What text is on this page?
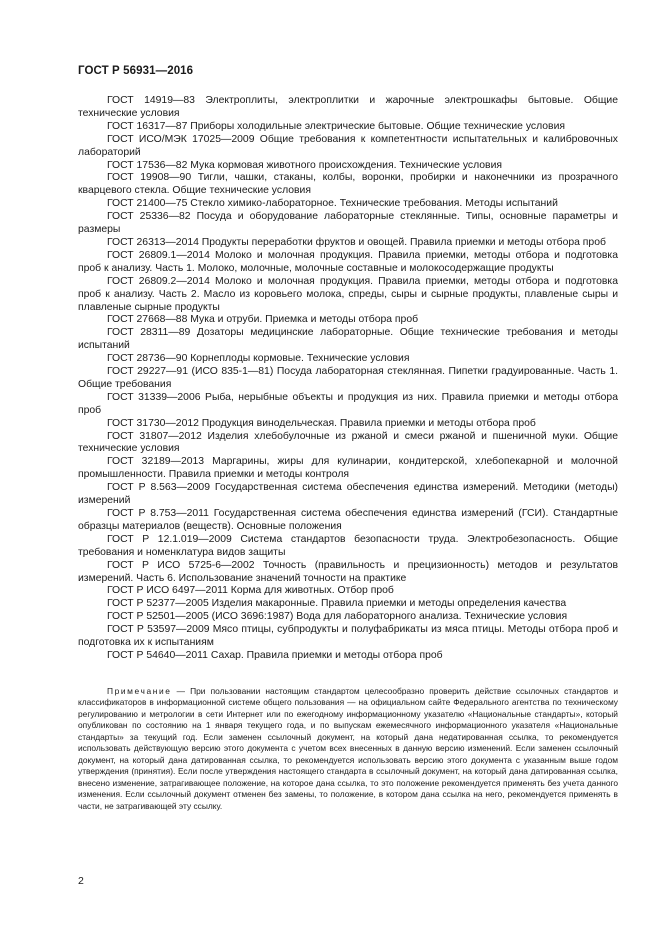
ГОСТ Р 56931—2016

ГОСТ 14919—83 Электроплиты, электроплитки и жарочные электрошкафы бытовые. Общие технические условия

ГОСТ 16317—87 Приборы холодильные электрические бытовые. Общие технические условия

ГОСТ ИСО/МЭК 17025—2009 Общие требования к компетентности испытательных и калибровочных лабораторий

ГОСТ 17536—82 Мука кормовая животного происхождения. Технические условия

ГОСТ 19908—90 Тигли, чашки, стаканы, колбы, воронки, пробирки и наконечники из прозрачного кварцевого стекла. Общие технические условия

ГОСТ 21400—75 Стекло химико-лабораторное. Технические требования. Методы испытаний

ГОСТ 25336—82 Посуда и оборудование лабораторные стеклянные. Типы, основные параметры и размеры

ГОСТ 26313—2014 Продукты переработки фруктов и овощей. Правила приемки и методы отбора проб

ГОСТ 26809.1—2014 Молоко и молочная продукция. Правила приемки, методы отбора и подготовка проб к анализу. Часть 1. Молоко, молочные, молочные составные и молокосодержащие продукты

ГОСТ 26809.2—2014 Молоко и молочная продукция. Правила приемки, методы отбора и подготовка проб к анализу. Часть 2. Масло из коровьего молока, спреды, сыры и сырные продукты, плавленые сыры и плавленые сырные продукты

ГОСТ 27668—88 Мука и отруби. Приемка и методы отбора проб

ГОСТ 28311—89 Дозаторы медицинские лабораторные. Общие технические требования и методы испытаний

ГОСТ 28736—90 Корнеплоды кормовые. Технические условия

ГОСТ 29227—91 (ИСО 835-1—81) Посуда лабораторная стеклянная. Пипетки градуированные. Часть 1. Общие требования

ГОСТ 31339—2006 Рыба, нерыбные объекты и продукция из них. Правила приемки и методы отбора проб

ГОСТ 31730—2012 Продукция винодельческая. Правила приемки и методы отбора проб

ГОСТ 31807—2012 Изделия хлебобулочные из ржаной и смеси ржаной и пшеничной муки. Общие технические условия

ГОСТ 32189—2013 Маргарины, жиры для кулинарии, кондитерской, хлебопекарной и молочной промышленности. Правила приемки и методы контроля

ГОСТ Р 8.563—2009 Государственная система обеспечения единства измерений. Методики (методы) измерений

ГОСТ Р 8.753—2011 Государственная система обеспечения единства измерений (ГСИ). Стандартные образцы материалов (веществ). Основные положения

ГОСТ Р 12.1.019—2009 Система стандартов безопасности труда. Электробезопасность. Общие требования и номенклатура видов защиты

ГОСТ Р ИСО 5725-6—2002 Точность (правильность и прецизионность) методов и результатов измерений. Часть 6. Использование значений точности на практике

ГОСТ Р ИСО 6497—2011 Корма для животных. Отбор проб

ГОСТ Р 52377—2005 Изделия макаронные. Правила приемки и методы определения качества

ГОСТ Р 52501—2005 (ИСО 3696:1987) Вода для лабораторного анализа. Технические условия

ГОСТ Р 53597—2009 Мясо птицы, субпродукты и полуфабрикаты из мяса птицы. Методы отбора проб и подготовка их к испытаниям

ГОСТ Р 54640—2011 Сахар. Правила приемки и методы отбора проб

Примечание — При пользовании настоящим стандартом целесообразно проверить действие ссылочных стандартов и классификаторов в информационной системе общего пользования — на официальном сайте Федерального агентства по техническому регулированию и метрологии в сети Интернет или по ежегодному информационному указателю «Национальные стандарты», который опубликован по состоянию на 1 января текущего года, и по выпускам ежемесячного информационного указателя «Национальные стандарты» за текущий год. Если заменен ссылочный документ, на который дана недатированная ссылка, то рекомендуется использовать действующую версию этого документа с учетом всех внесенных в данную версию изменений. Если заменен ссылочный документ, на который дана датированная ссылка, то рекомендуется использовать версию этого документа с указанным выше годом утверждения (принятия). Если после утверждения настоящего стандарта в ссылочный документ, на который дана датированная ссылка, внесено изменение, затрагивающее положение, на которое дана ссылка, то это положение рекомендуется применять без учета данного изменения. Если ссылочный документ отменен без замены, то положение, в котором дана ссылка на него, рекомендуется применять в части, не затрагивающей эту ссылку.

2
